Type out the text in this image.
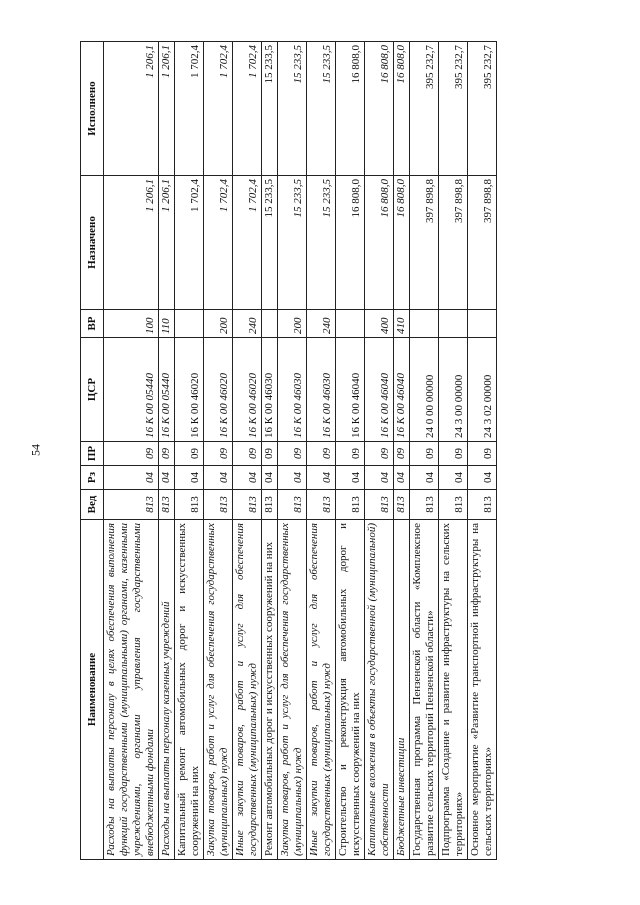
54
Наименование	Вед	Рз	ПР	ЦСР	ВР	Назначено	Исполнено
Расходы на выплаты персоналу в целях обеспечения выполнения функций государственными (муниципальными) органами, казенными учреждениями, органами управления государственными внебюджетными фондами	813	04	09	16 К 00 05440	100	1 206,1	1 206,1
Расходы на выплаты персоналу казенных учреждений	813	04	09	16 К 00 05440	110	1 206,1	1 206,1
Капитальный ремонт автомобильных дорог и искусственных сооружений на них	813	04	09	16 К 00 46020		1 702,4	1 702,4
Закупка товаров, работ и услуг для обеспечения государственных (муниципальных) нужд	813	04	09	16 К 00 46020	200	1 702,4	1 702,4
Иные закупки товаров, работ и услуг для обеспечения государственных (муниципальных) нужд	813	04	09	16 К 00 46020	240	1 702,4	1 702,4
Ремонт автомобильных дорог и искусственных сооружений на них	813	04	09	16 К 00 46030		15 233,5	15 233,5
Закупка товаров, работ и услуг для обеспечения государственных (муниципальных) нужд	813	04	09	16 К 00 46030	200	15 233,5	15 233,5
Иные закупки товаров, работ и услуг для обеспечения государственных (муниципальных) нужд	813	04	09	16 К 00 46030	240	15 233,5	15 233,5
Строительство и реконструкция автомобильных дорог и искусственных сооружений на них	813	04	09	16 К 00 46040		16 808,0	16 808,0
Капитальные вложения в объекты государственной (муниципальной) собственности	813	04	09	16 К 00 46040	400	16 808,0	16 808,0
Бюджетные инвестиции	813	04	09	16 К 00 46040	410	16 808,0	16 808,0
Государственная программа Пензенской области «Комплексное развитие сельских территорий Пензенской области»	813	04	09	24 0 00 00000		397 898,8	395 232,7
Подпрограмма «Создание и развитие инфраструктуры на сельских территориях»	813	04	09	24 3 00 00000		397 898,8	395 232,7
Основное мероприятие «Развитие транспортной инфраструктуры на сельских территориях»	813	04	09	24 3 02 00000		397 898,8	395 232,7
